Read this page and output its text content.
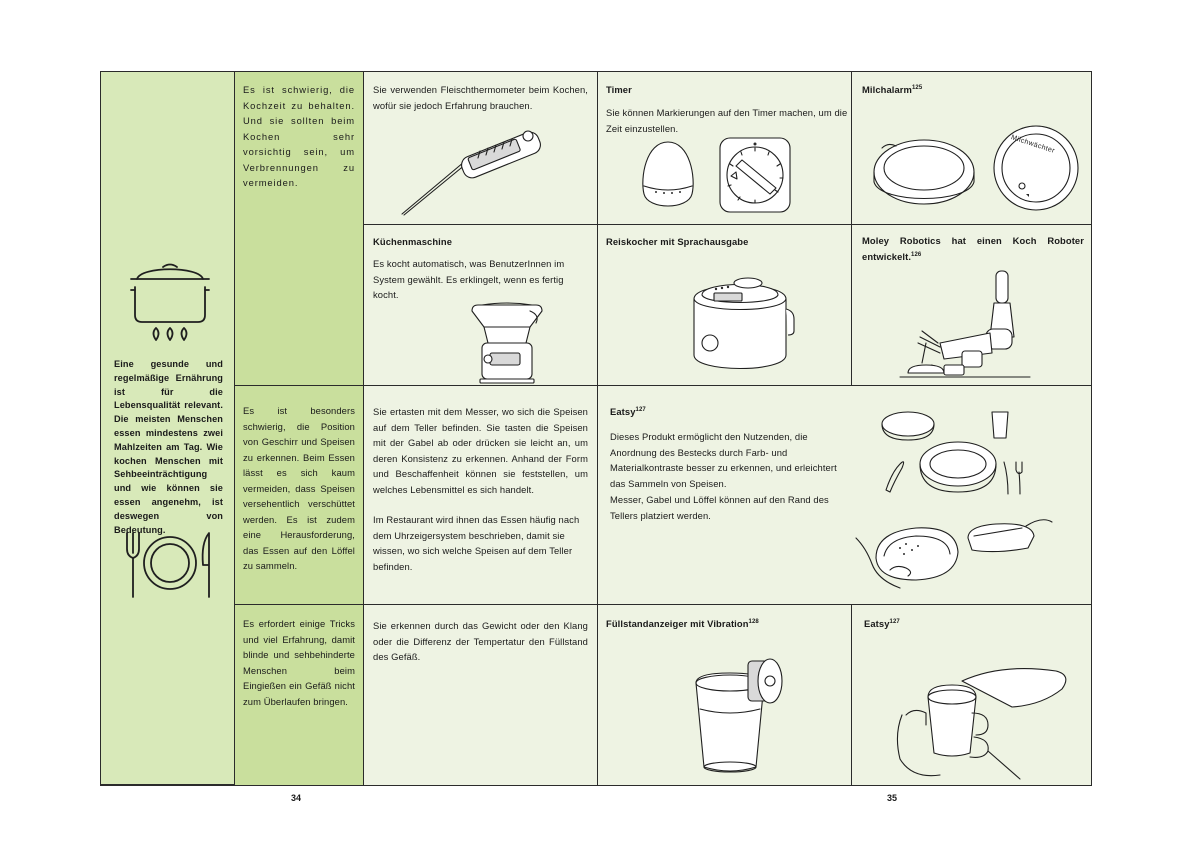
Eine gesunde und regelmäßige Ernährung ist für die Lebensqualität relevant. Die meisten Menschen essen mindestens zwei Mahlzeiten am Tag. Wie kochen Menschen mit Sehbeeinträchtigung und wie können sie essen angenehm, ist deswegen von Bedeutung.
Es ist schwierig, die Kochzeit zu behalten. Und sie sollten beim Kochen sehr vorsichtig sein, um Verbrennungen zu vermeiden.
Sie verwenden Fleischthermometer beim Kochen, wofür sie jedoch Erfahrung brauchen.
Timer
Sie können Markierungen auf den Timer machen, um die Zeit einzustellen.
Milchalarm$^{125}$
Milchwächter
Küchenmaschine
Es kocht automatisch, was BenutzerInnen im System gewählt. Es erklingelt, wenn es fertig kocht.
Reiskocher mit Sprachausgabe	Moley Robotics hat einen Koch Roboter entwickelt.$^{126}$
Es ist besonders schwierig, die Position von Geschirr und Speisen zu erkennen. Beim Essen lässt es sich kaum vermeiden, dass Speisen versehentlich verschüttet werden. Es ist zudem eine Herausforderung, das Essen auf den Löffel zu sammeln.
Sie ertasten mit dem Messer, wo sich die Speisen auf dem Teller befinden. Sie tasten die Speisen mit der Gabel ab oder drücken sie leicht an, um deren Konsistenz zu erkennen. Anhand der Form und Beschaffenheit können sie feststellen, um welches Lebensmittel es sich handelt.
Im Restaurant wird ihnen das Essen häufig nach dem Uhrzeigersystem beschrieben, damit sie wissen, wo sich welche Speisen auf dem Teller befinden.
Eatsy$^{127}$
Dieses Produkt ermöglicht den Nutzenden, die Anordnung des Bestecks durch Farb- und Materialkontraste besser zu erkennen, und erleichtert das Sammeln von Speisen.
Messer, Gabel und Löffel können auf den Rand des Tellers platziert werden.
Es erfordert einige Tricks und viel Erfahrung, damit blinde und sehbehinderte Menschen beim Eingießen ein Gefäß nicht zum Überlaufen bringen.
Sie erkennen durch das Gewicht oder den Klang oder die Differenz der Tempertatur den Füllstand des Gefäß.
Füllstandanzeiger mit Vibration$^{128}$	Eatsy$^{127}$
34	35
